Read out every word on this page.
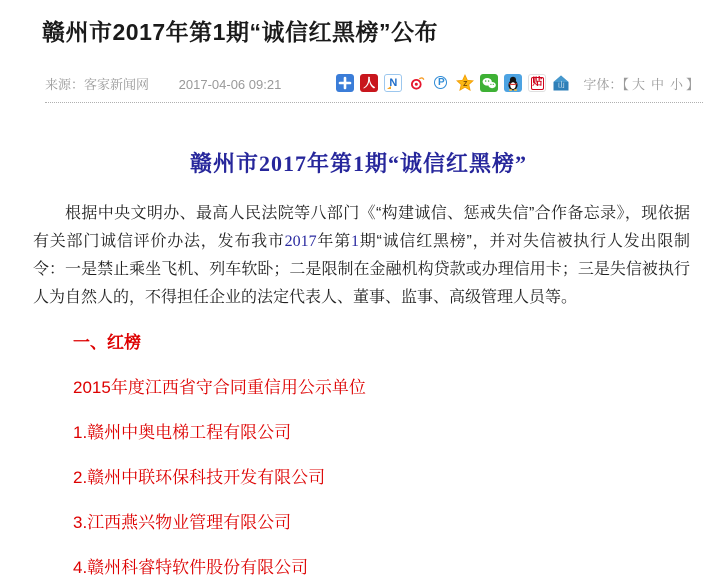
赣州市2017年第1期“诚信红黑榜”公布
来源：客家新闻网 2017-04-06 09:21	人	N	P	Z	贴	山	字体：【 大 中 小 】
赣州市2017年第1期“诚信红黑榜”

根据中央文明办、最高人民法院等八部门《“构建诚信、惩戒失信”合作备忘录》，现依据有关部门诚信评价办法，发布我市2017年第1期“诚信红黑榜”，并对失信被执行人发出限制令：一是禁止乘坐飞机、列车软卧；二是限制在金融机构贷款或办理信用卡；三是失信被执行人为自然人的，不得担任企业的法定代表人、董事、监事、高级管理人员等。

一、红榜

2015年度江西省守合同重信用公示单位

1.赣州中奥电梯工程有限公司

2.赣州中联环保科技开发有限公司

3.江西燕兴物业管理有限公司

4.赣州科睿特软件股份有限公司
